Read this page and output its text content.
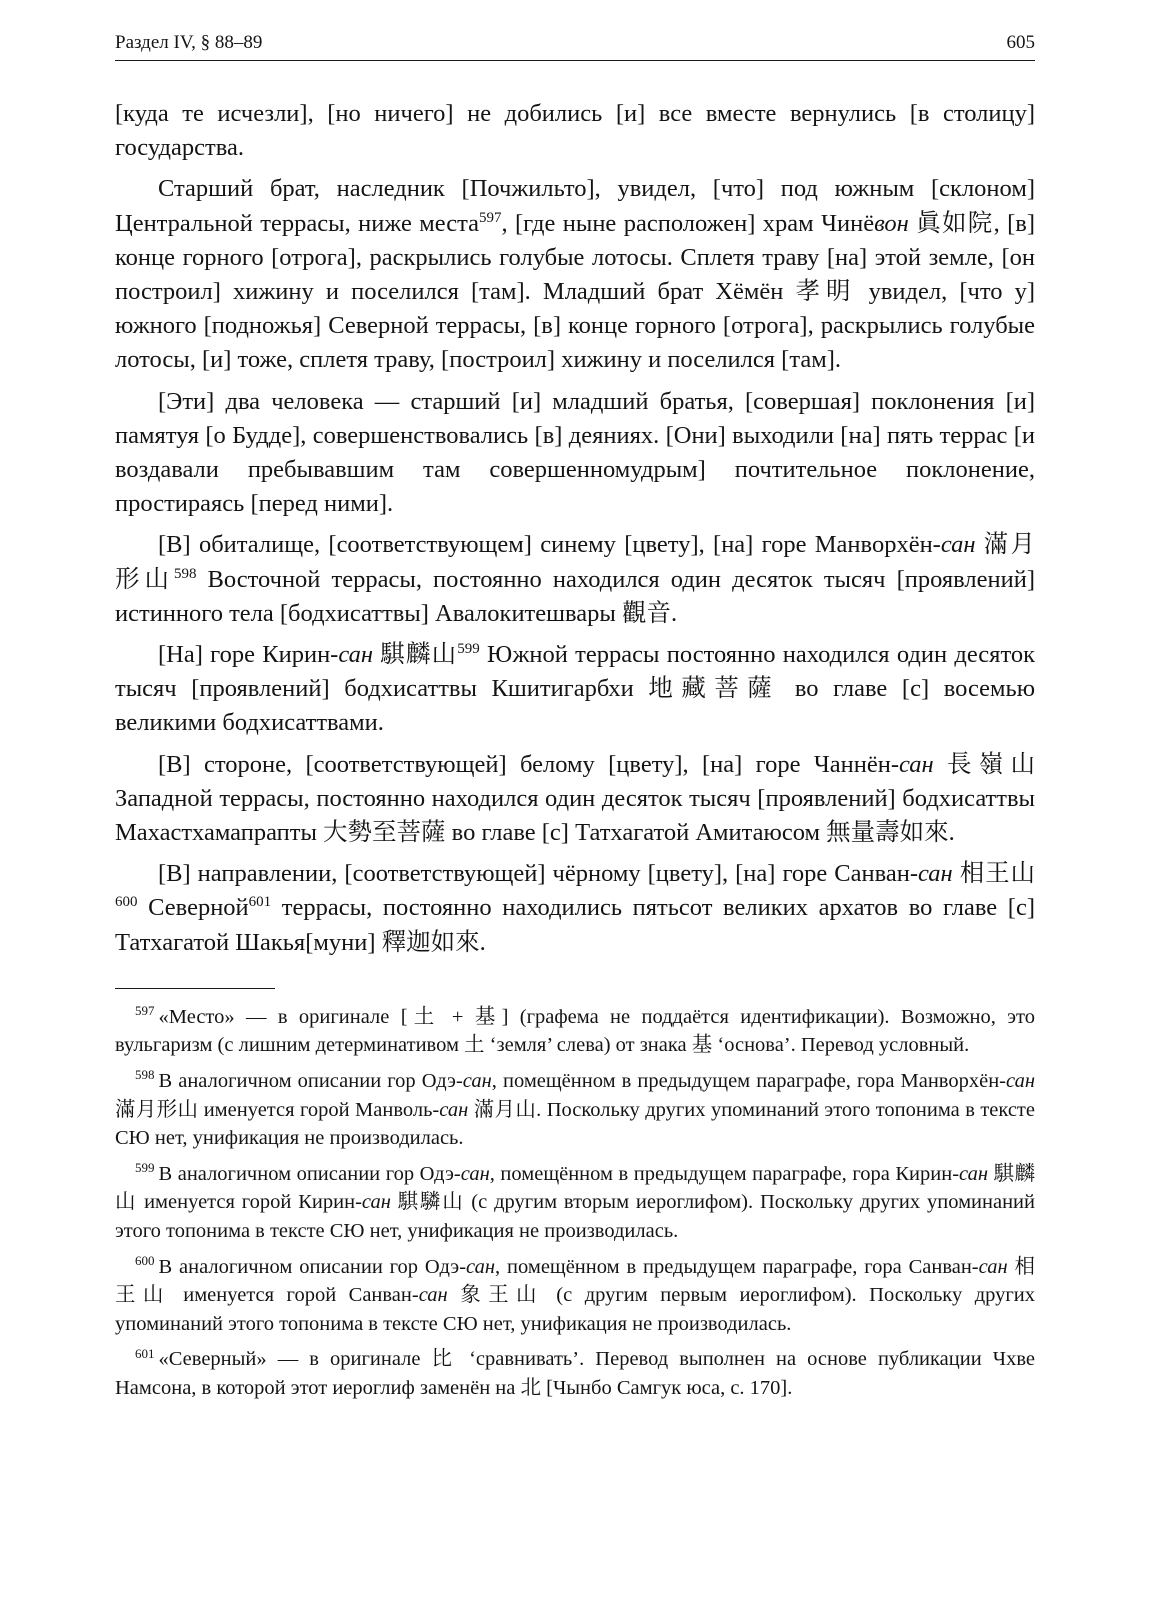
Раздел IV, § 88–89	605

[куда те исчезли], [но ничего] не добились [и] все вместе вернулись [в столицу] государства.

Старший брат, наследник [Почжильто], увидел, [что] под южным [склоном] Центральной террасы, ниже места$^{597}$, [где ныне расположен] храм Чинёвон 眞如院, [в] конце горного [отрога], раскрылись голубые лотосы. Сплетя траву [на] этой земле, [он построил] хижину и поселился [там]. Младший брат Хёмён 孝明 увидел, [что у] южного [подножья] Северной террасы, [в] конце горного [отрога], раскрылись голубые лотосы, [и] тоже, сплетя траву, [построил] хижину и поселился [там].

[Эти] два человека — старший [и] младший братья, [совершая] поклонения [и] памятуя [о Будде], совершенствовались [в] деяниях. [Они] выходили [на] пять террас [и воздавали пребывавшим там совершенномудрым] почтительное поклонение, простираясь [перед ними].

[В] обиталище, [соответствующем] синему [цвету], [на] горе Манворхён-сан 滿月形山$^{598}$ Восточной террасы, постоянно находился один десяток тысяч [проявлений] истинного тела [бодхисаттвы] Авалокитешвары 觀音.

[На] горе Кирин-сан 騏麟山$^{599}$ Южной террасы постоянно находился один десяток тысяч [проявлений] бодхисаттвы Кшитигарбхи 地藏菩薩 во главе [с] восемью великими бодхисаттвами.

[В] стороне, [соответствующей] белому [цвету], [на] горе Чаннён-сан 長嶺山 Западной террасы, постоянно находился один десяток тысяч [проявлений] бодхисаттвы Махастхамапрапты 大勢至菩薩 во главе [с] Татхагатой Амитаюсом 無量壽如來.

[В] направлении, [соответствующей] чёрному [цвету], [на] горе Санван-сан 相王山$^{600}$ Северной$^{601}$ террасы, постоянно находились пятьсот великих архатов во главе [с] Татхагатой Шакья[муни] 釋迦如來.

$^{597}$ «Место» — в оригинале [土 + 基] (графема не поддаётся идентификации). Возможно, это вульгаризм (с лишним детерминативом 土 ‘земля’ слева) от знака 基 ‘основа’. Перевод условный.

$^{598}$ В аналогичном описании гор Одэ-сан, помещённом в предыдущем параграфе, гора Манворхён-сан 滿月形山 именуется горой Манволь-сан 滿月山. Поскольку других упоминаний этого топонима в тексте СЮ нет, унификация не производилась.

$^{599}$ В аналогичном описании гор Одэ-сан, помещённом в предыдущем параграфе, гора Кирин-сан 騏麟山 именуется горой Кирин-сан 騏驎山 (с другим вторым иероглифом). Поскольку других упоминаний этого топонима в тексте СЮ нет, унификация не производилась.

$^{600}$ В аналогичном описании гор Одэ-сан, помещённом в предыдущем параграфе, гора Санван-сан 相王山 именуется горой Санван-сан 象王山 (с другим первым иероглифом). Поскольку других упоминаний этого топонима в тексте СЮ нет, унификация не производилась.

$^{601}$ «Северный» — в оригинале 比 ‘сравнивать’. Перевод выполнен на основе публикации Чхве Намсона, в которой этот иероглиф заменён на 北 [Чынбо Самгук юса, с. 170].
